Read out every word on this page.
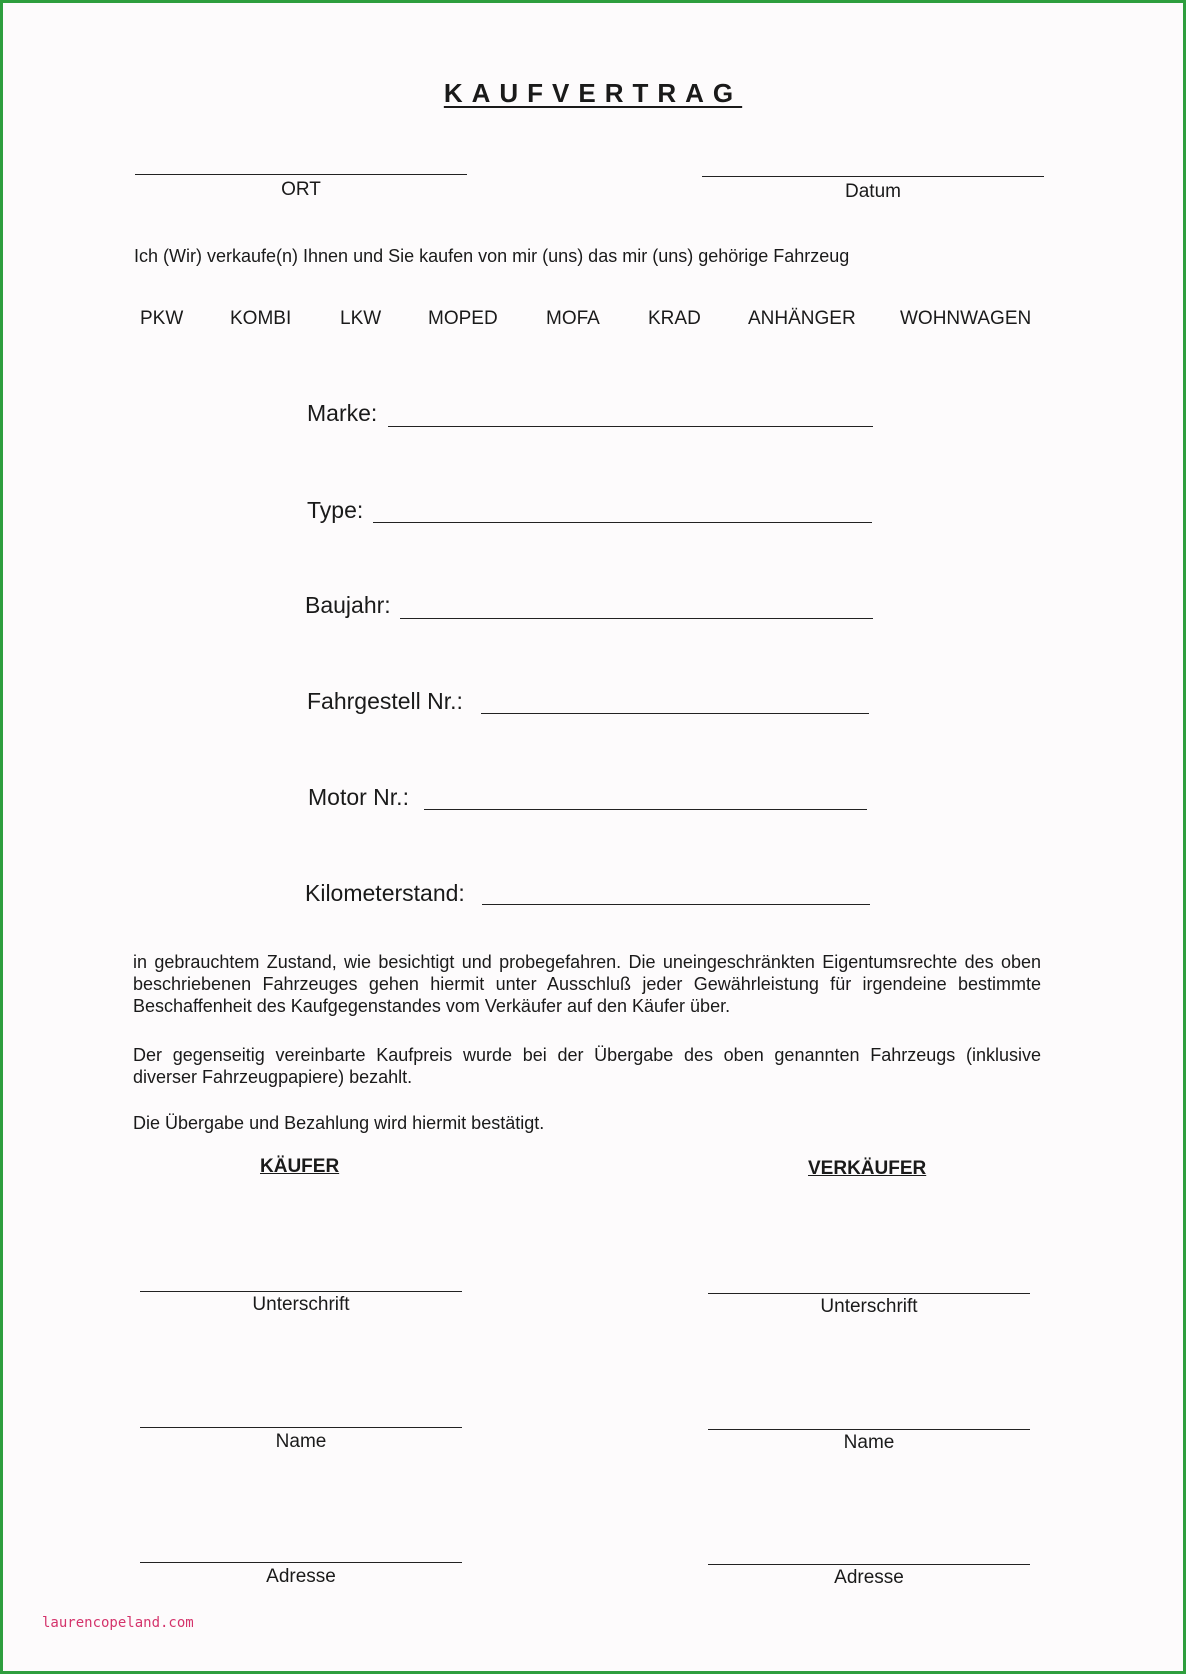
KAUFVERTRAG
ORT	Datum
Ich (Wir) verkaufe(n) Ihnen und Sie kaufen von mir (uns) das mir (uns) gehörige Fahrzeug
PKW KOMBI	LKW MOPED	MOFA	KRAD ANHÄNGER WOHNWAGEN
Marke:
Type:
Baujahr:
Fahrgestell Nr.:
Motor Nr.:
Kilometerstand:
in gebrauchtem Zustand, wie besichtigt und probegefahren. Die uneingeschränkten Eigentumsrechte des oben beschriebenen Fahrzeuges gehen hiermit unter Ausschluß jeder Gewährleistung für irgendeine bestimmte Beschaffenheit des Kaufgegenstandes vom Verkäufer auf den Käufer über.
Der gegenseitig vereinbarte Kaufpreis wurde bei der Übergabe des oben genannten Fahrzeugs (inklusive diverser Fahrzeugpapiere) bezahlt.
Die Übergabe und Bezahlung wird hiermit bestätigt.
KÄUFER	VERKÄUFER
Unterschrift
Name
Adresse
Unterschrift
Name
Adresse
laurencopeland.com
